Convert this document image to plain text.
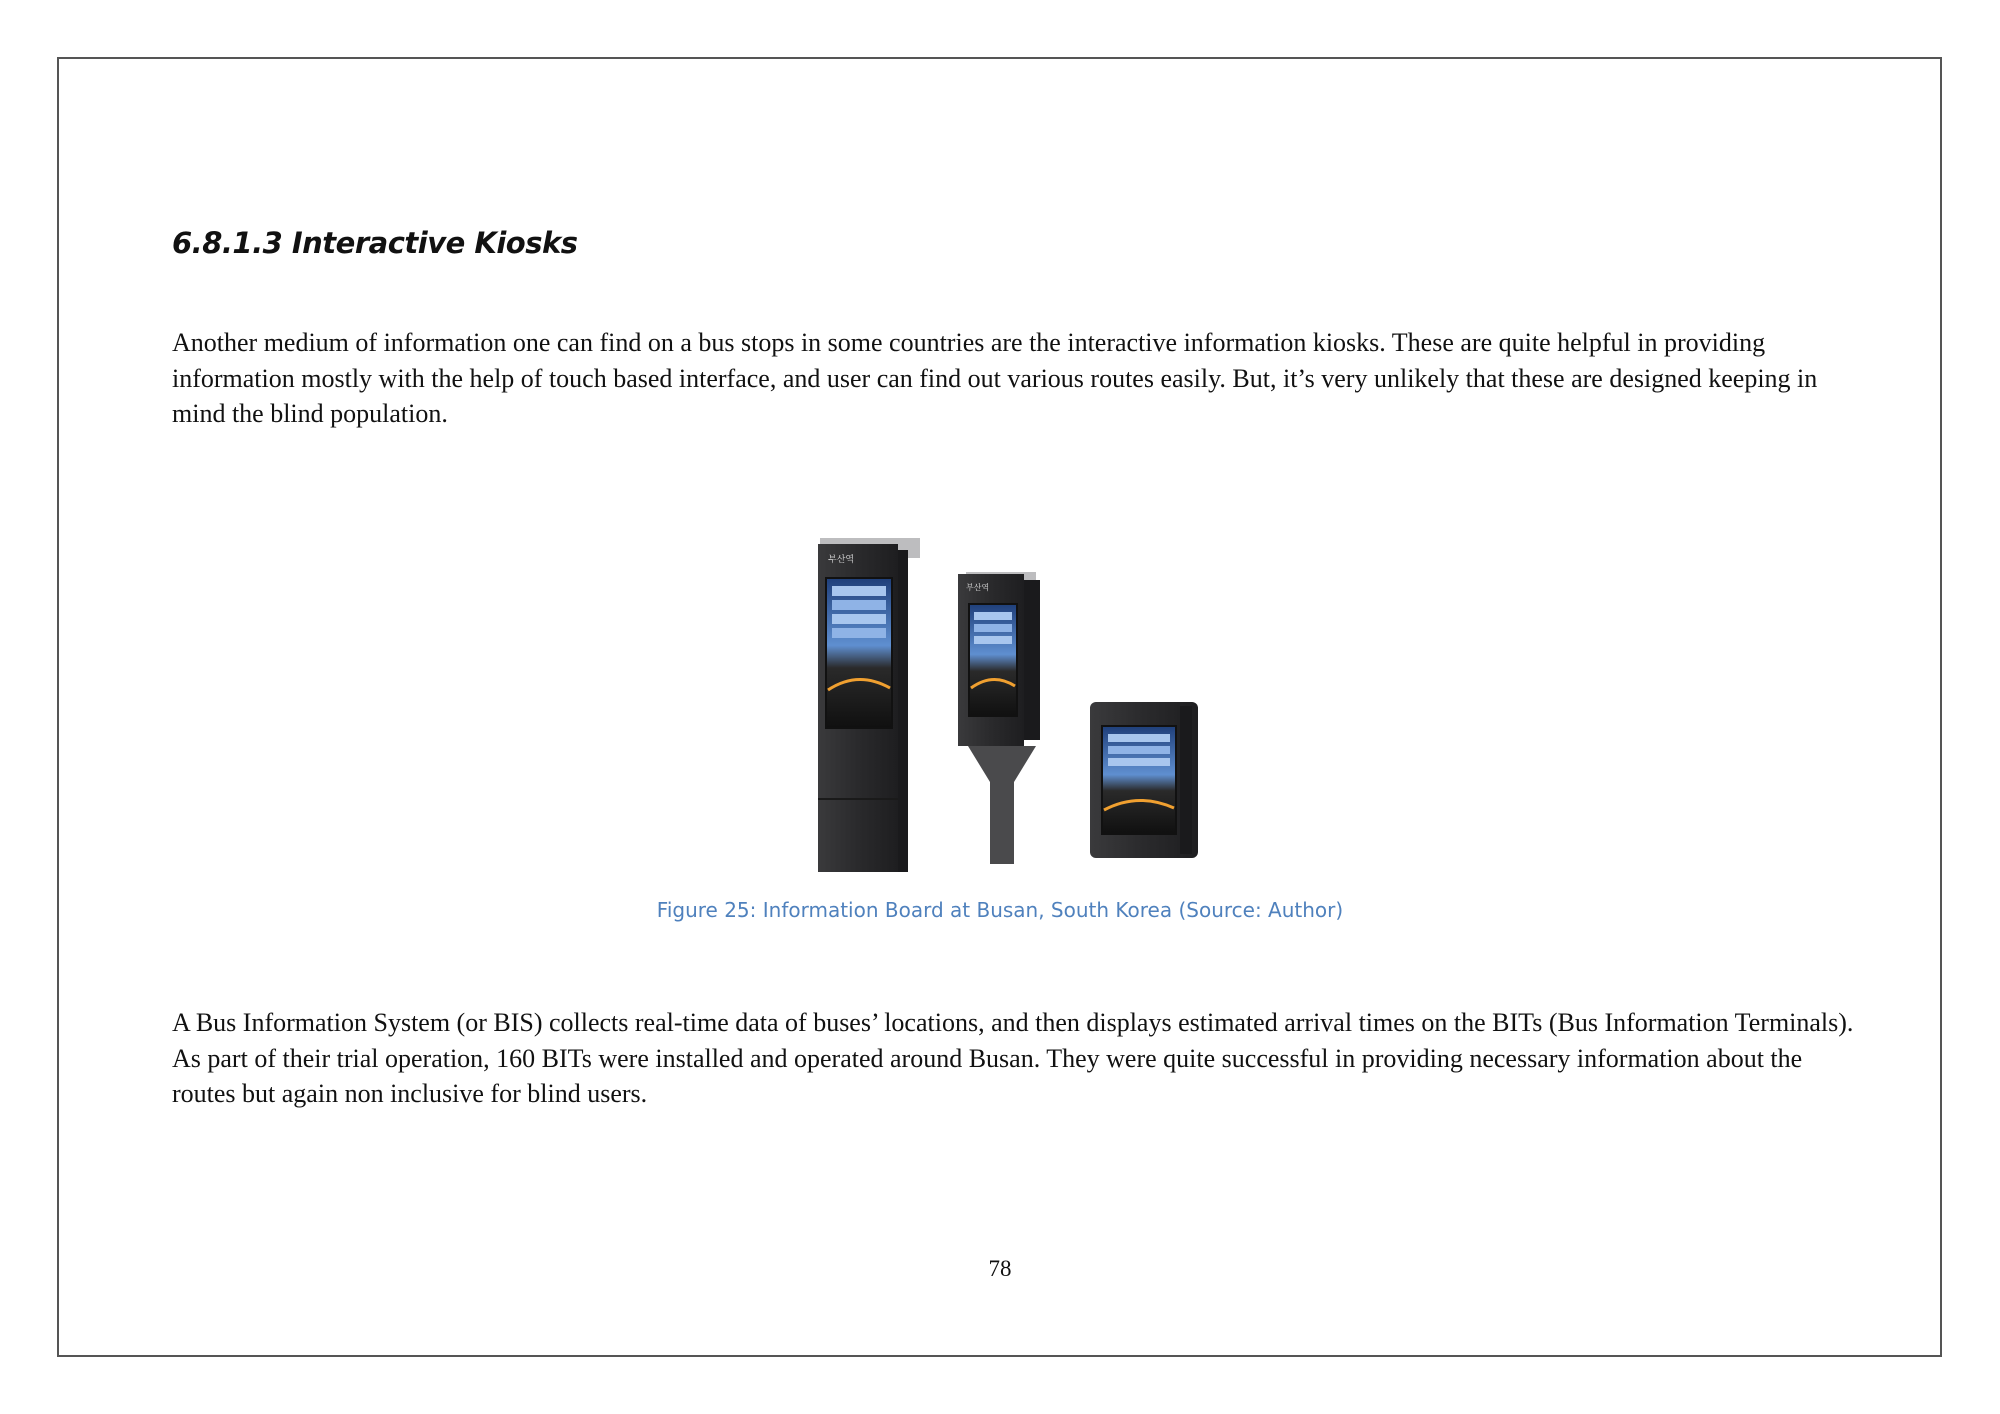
6.8.1.3 Interactive Kiosks

Another medium of information one can find on a bus stops in some countries are the interactive information kiosks. These are quite helpful in providing information mostly with the help of touch based interface, and user can find out various routes easily. But, it’s very unlikely that these are designed keeping in mind the blind population.

부산역
부산역

Figure 25: Information Board at Busan, South Korea (Source: Author)

A Bus Information System (or BIS) collects real-time data of buses’ locations, and then displays estimated arrival times on the BITs (Bus Information Terminals). As part of their trial operation, 160 BITs were installed and operated around Busan. They were quite successful in providing necessary information about the routes but again non inclusive for blind users.

78
